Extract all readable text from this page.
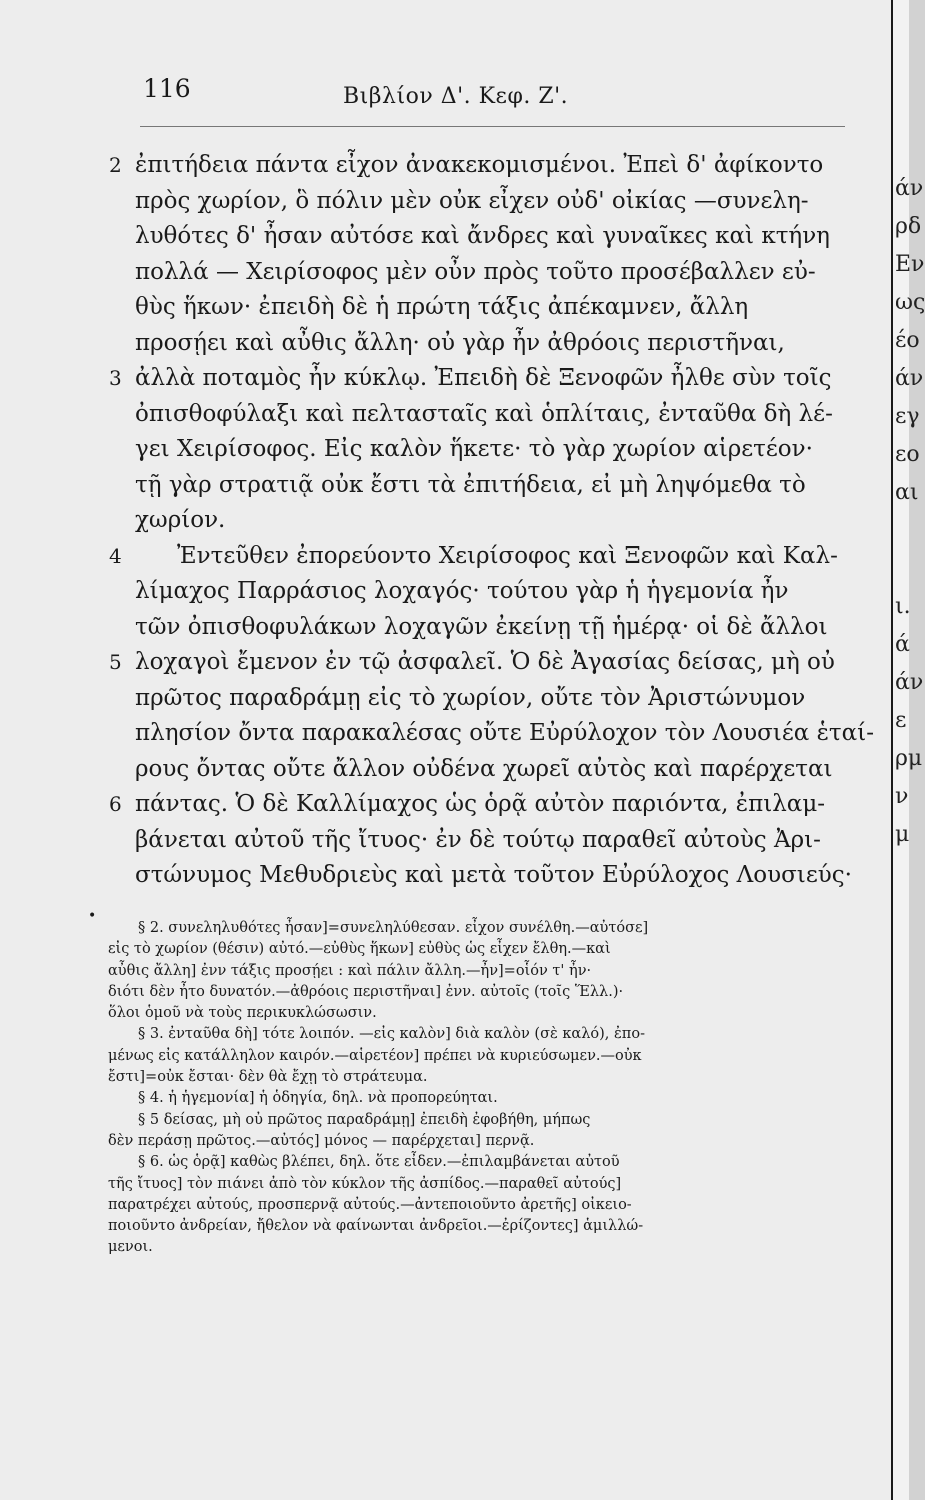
116	Βιβλίον Δ'. Κεφ. Ζ'.
2 ἐπιτήδεια πάντα εἶχον ἀνακεκομισμένοι. Ἐπεὶ δ' ἀφίκοντο
πρὸς χωρίον, ὃ πόλιν μὲν οὐκ εἶχεν οὐδ' οἰκίας —συνελη-
λυθότες δ' ἦσαν αὐτόσε καὶ ἄνδρες καὶ γυναῖκες καὶ κτήνη
πολλά — Χειρίσοφος μὲν οὖν πρὸς τοῦτο προσέβαλλεν εὐ-
θὺς ἥκων· ἐπειδὴ δὲ ἡ πρώτη τάξις ἀπέκαμνεν, ἄλλη
προσῄει καὶ αὖθις ἄλλη· οὐ γὰρ ἦν ἀθρόοις περιστῆναι,
3 ἀλλὰ ποταμὸς ἦν κύκλῳ. Ἐπειδὴ δὲ Ξενοφῶν ἦλθε σὺν τοῖς
ὀπισθοφύλαξι καὶ πελτασταῖς καὶ ὁπλίταις, ἐνταῦθα δὴ λέ-
γει Χειρίσοφος. Εἰς καλὸν ἥκετε· τὸ γὰρ χωρίον αἱρετέον·
τῇ γὰρ στρατιᾷ οὐκ ἔστι τὰ ἐπιτήδεια, εἰ μὴ ληψόμεθα τὸ
χωρίον.
4 Ἐντεῦθεν ἐπορεύοντο Χειρίσοφος καὶ Ξενοφῶν καὶ Καλ-
λίμαχος Παρράσιος λοχαγός· τούτου γὰρ ἡ ἡγεμονία ἦν
τῶν ὀπισθοφυλάκων λοχαγῶν ἐκείνῃ τῇ ἡμέρᾳ· οἱ δὲ ἄλλοι
5 λοχαγοὶ ἔμενον ἐν τῷ ἀσφαλεῖ. Ὁ δὲ Ἀγασίας δείσας, μὴ οὐ
πρῶτος παραδράμῃ εἰς τὸ χωρίον, οὔτε τὸν Ἀριστώνυμον
πλησίον ὄντα παρακαλέσας οὔτε Εὐρύλοχον τὸν Λουσιέα ἑταί-
ρους ὄντας οὔτε ἄλλον οὐδένα χωρεῖ αὐτὸς καὶ παρέρχεται
6 πάντας. Ὁ δὲ Καλλίμαχος ὡς ὁρᾷ αὐτὸν παριόντα, ἐπιλαμ-
βάνεται αὐτοῦ τῆς ἴτυος· ἐν δὲ τούτῳ παραθεῖ αὐτοὺς Ἀρι-
στώνυμος Μεθυδριεὺς καὶ μετὰ τοῦτον Εὐρύλοχος Λουσιεύς·
•
§ 2. συνεληλυθότες ἦσαν]=συνεληλύθεσαν. εἶχον συνέλθη.—αὐτόσε]
εἰς τὸ χωρίον (θέσιν) αὐτό.—εὐθὺς ἥκων] εὐθὺς ὡς εἶχεν ἔλθη.—καὶ
αὖθις ἄλλη] ἐνν τάξις προσῄει : καὶ πάλιν ἄλλη.—ἦν]=οἷόν τ' ἦν·
διότι δὲν ἦτο δυνατόν.—ἀθρόοις περιστῆναι] ἐνν. αὐτοῖς (τοῖς Ἕλλ.)·
ὅλοι ὁμοῦ νὰ τοὺς περικυκλώσωσιν.
§ 3. ἐνταῦθα δὴ] τότε λοιπόν. —εἰς καλὸν] διὰ καλὸν (σὲ καλό), ἐπο-
μένως εἰς κατάλληλον καιρόν.—αἱρετέον] πρέπει νὰ κυριεύσωμεν.—οὐκ
ἔστι]=οὐκ ἔσται· δὲν θὰ ἔχῃ τὸ στράτευμα.
§ 4. ἡ ἡγεμονία] ἡ ὁδηγία, δηλ. νὰ προπορεύηται.
§ 5 δείσας, μὴ οὐ πρῶτος παραδράμῃ] ἐπειδὴ ἐφοβήθη, μήπως
δὲν περάσῃ πρῶτος.—αὐτός] μόνος — παρέρχεται] περνᾷ.
§ 6. ὡς ὁρᾷ] καθὼς βλέπει, δηλ. ὅτε εἶδεν.—ἐπιλαμβάνεται αὐτοῦ
τῆς ἴτυος] τὸν πιάνει ἀπὸ τὸν κύκλον τῆς ἀσπίδος.—παραθεῖ αὐτούς]
παρατρέχει αὐτούς, προσπερνᾷ αὐτούς.—ἀντεποιοῦντο ἀρετῆς] οἰκειο-
ποιοῦντο ἀνδρείαν, ἤθελον νὰ φαίνωνται ἀνδρεῖοι.—ἐρίζοντες] ἁμιλλώ-
μενοι.
άν
ρδ
Εν
ως
έο
άν
εγ
εο
αι

ι.
ά
άν
ε
ρμ
ν
μ
